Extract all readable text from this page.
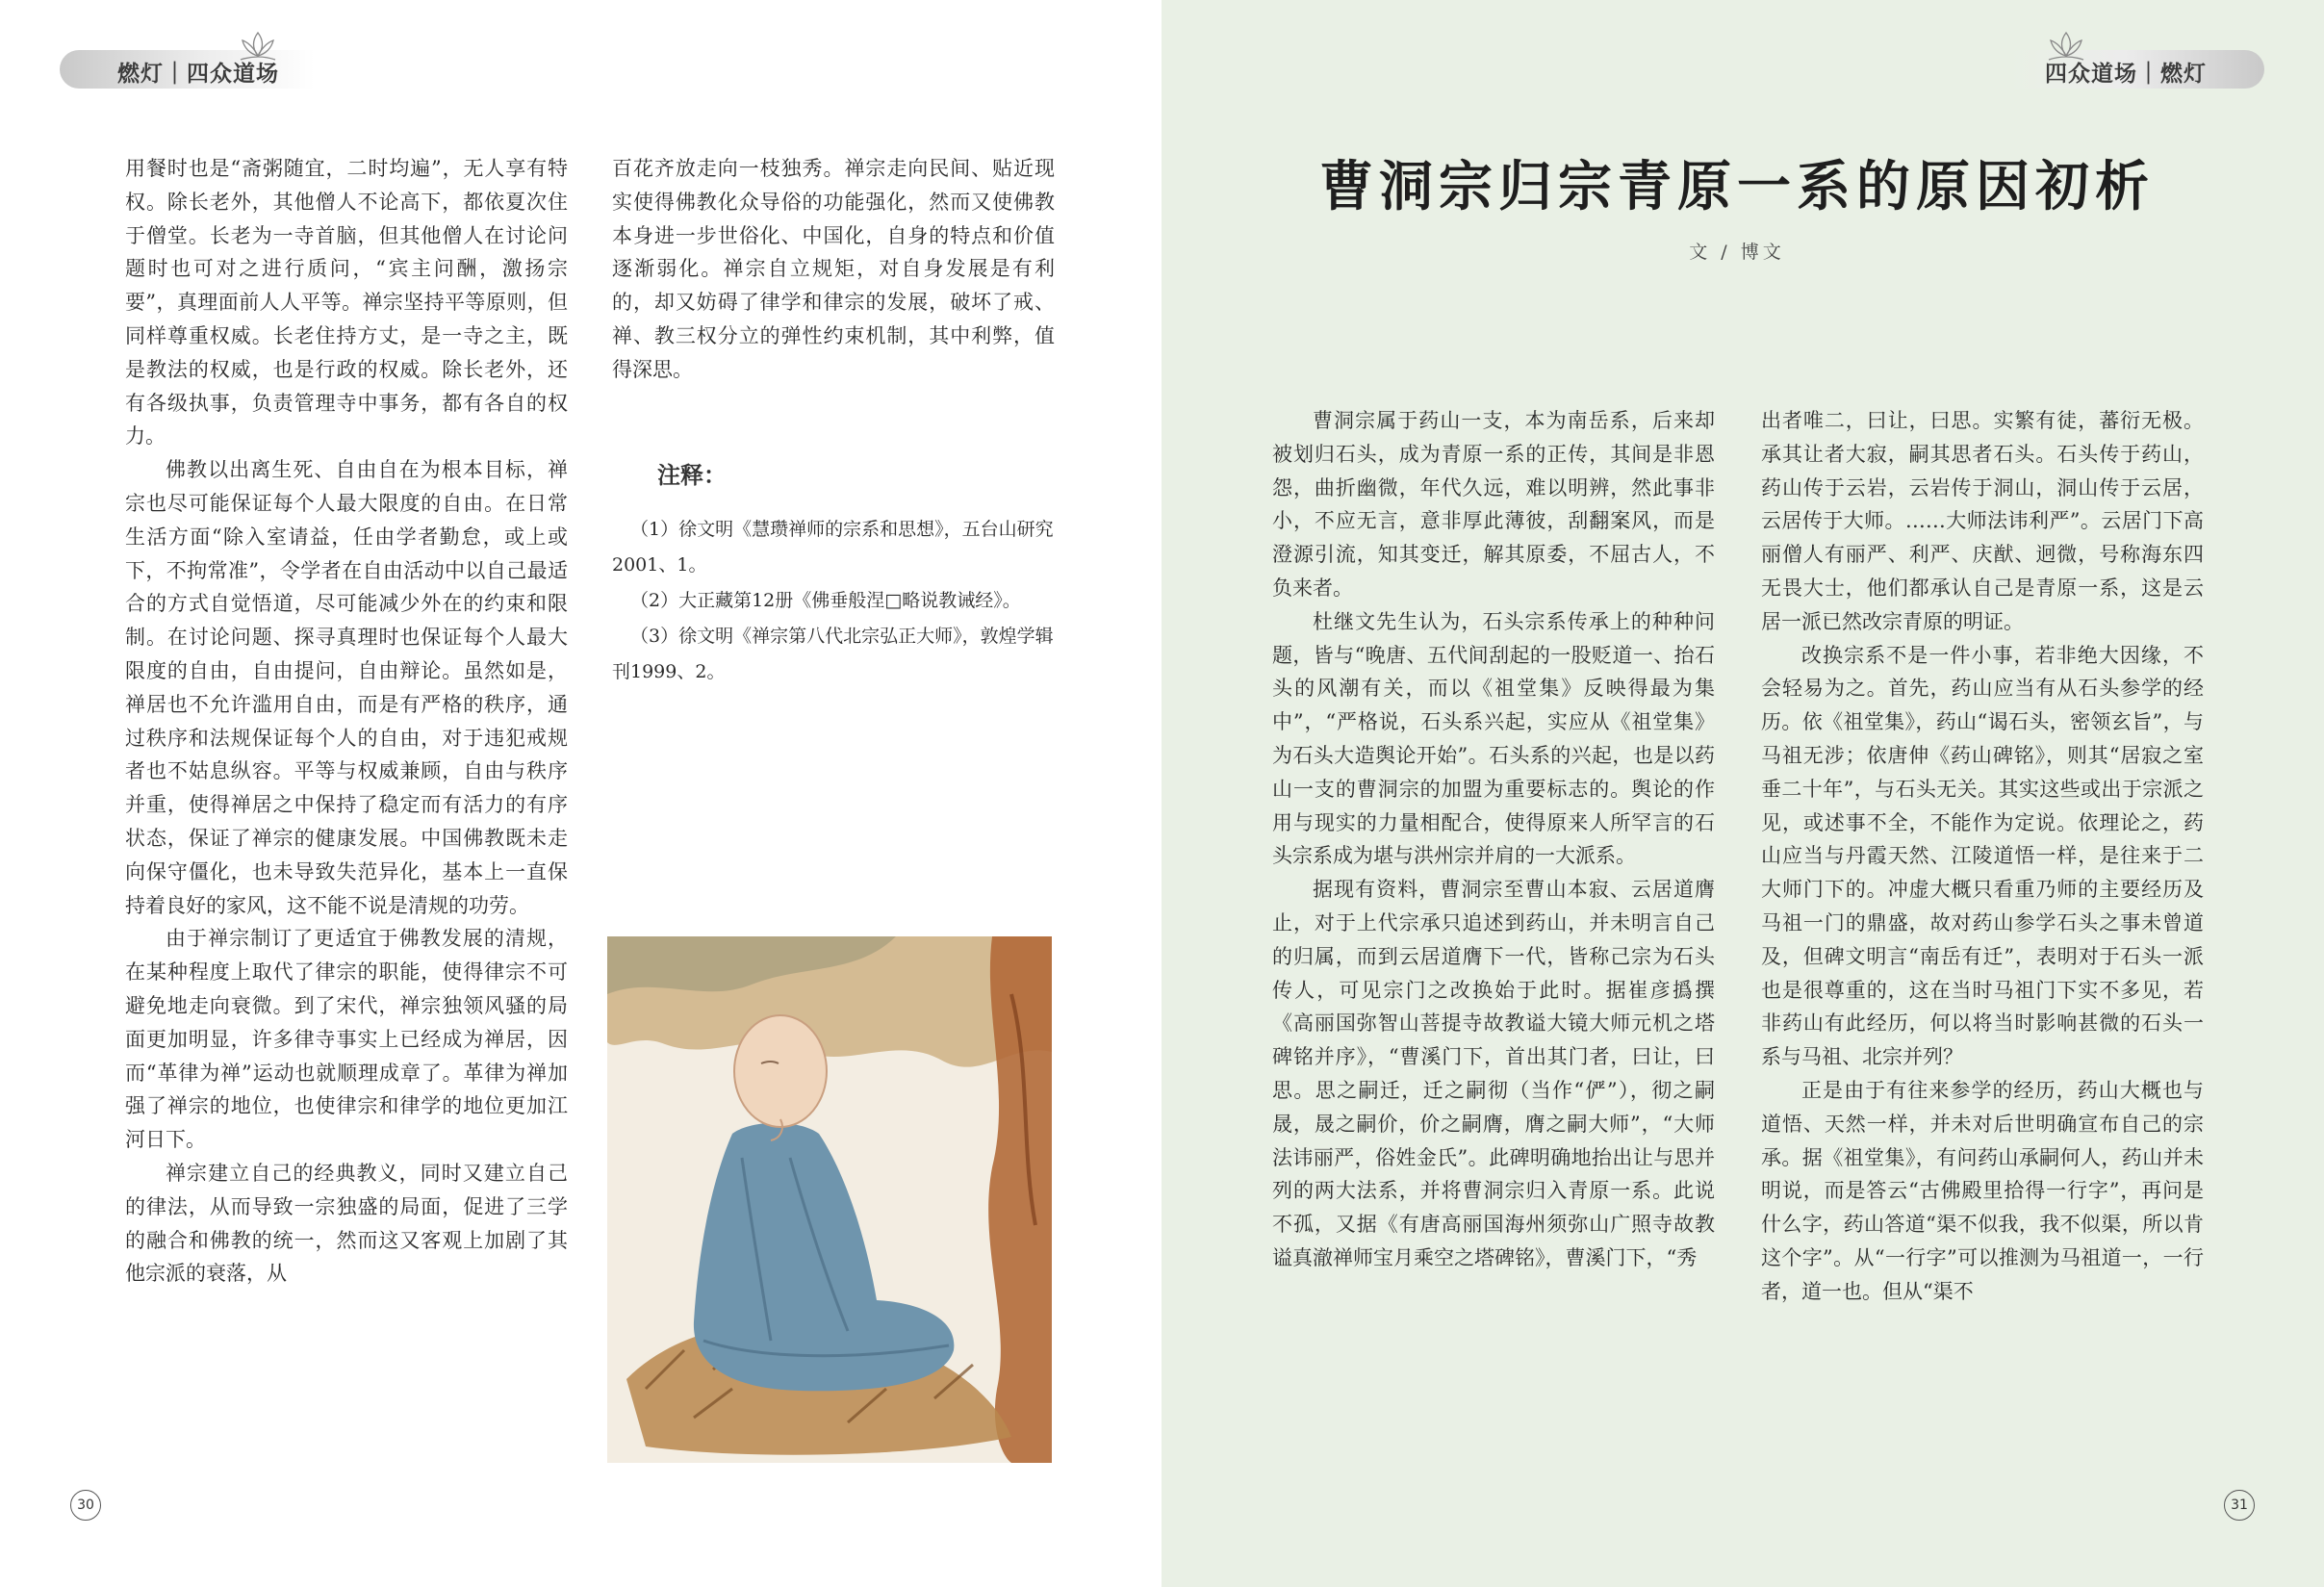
燃灯｜四众道场

用餐时也是“斋粥随宜，二时均遍”，无人享有特权。除长老外，其他僧人不论高下，都依夏次住于僧堂。长老为一寺首脑，但其他僧人在讨论问题时也可对之进行质问，“宾主问酬，激扬宗要”，真理面前人人平等。禅宗坚持平等原则，但同样尊重权威。长老住持方丈，是一寺之主，既是教法的权威，也是行政的权威。除长老外，还有各级执事，负责管理寺中事务，都有各自的权力。

佛教以出离生死、自由自在为根本目标，禅宗也尽可能保证每个人最大限度的自由。在日常生活方面“除入室请益，任由学者勤怠，或上或下，不拘常准”，令学者在自由活动中以自己最适合的方式自觉悟道，尽可能减少外在的约束和限制。在讨论问题、探寻真理时也保证每个人最大限度的自由，自由提问，自由辩论。虽然如是，禅居也不允许滥用自由，而是有严格的秩序，通过秩序和法规保证每个人的自由，对于违犯戒规者也不姑息纵容。平等与权威兼顾，自由与秩序并重，使得禅居之中保持了稳定而有活力的有序状态，保证了禅宗的健康发展。中国佛教既未走向保守僵化，也未导致失范异化，基本上一直保持着良好的家风，这不能不说是清规的功劳。

由于禅宗制订了更适宜于佛教发展的清规，在某种程度上取代了律宗的职能，使得律宗不可避免地走向衰微。到了宋代，禅宗独领风骚的局面更加明显，许多律寺事实上已经成为禅居，因而“革律为禅”运动也就顺理成章了。革律为禅加强了禅宗的地位，也使律宗和律学的地位更加江河日下。

禅宗建立自己的经典教义，同时又建立自己的律法，从而导致一宗独盛的局面，促进了三学的融合和佛教的统一，然而这又客观上加剧了其他宗派的衰落，从

百花齐放走向一枝独秀。禅宗走向民间、贴近现实使得佛教化众导俗的功能强化，然而又使佛教本身进一步世俗化、中国化，自身的特点和价值逐渐弱化。禅宗自立规矩，对自身发展是有利的，却又妨碍了律学和律宗的发展，破坏了戒、禅、教三权分立的弹性约束机制，其中利弊，值得深思。

注释：

（1）徐文明《慧瓒禅师的宗系和思想》，五台山研究2001、1。

（2）大正藏第12册《佛垂般涅□略说教诫经》。

（3）徐文明《禅宗第八代北宗弘正大师》，敦煌学辑刊1999、2。

30
四众道场｜燃灯
曹洞宗归宗青原一系的原因初析
文 / 博文

曹洞宗属于药山一支，本为南岳系，后来却被划归石头，成为青原一系的正传，其间是非恩怨，曲折幽微，年代久远，难以明辨，然此事非小，不应无言，意非厚此薄彼，刮翻案风，而是澄源引流，知其变迁，解其原委，不屈古人，不负来者。

杜继文先生认为，石头宗系传承上的种种问题，皆与“晚唐、五代间刮起的一股贬道一、抬石头的风潮有关，而以《祖堂集》反映得最为集中”，“严格说，石头系兴起，实应从《祖堂集》为石头大造舆论开始”。石头系的兴起，也是以药山一支的曹洞宗的加盟为重要标志的。舆论的作用与现实的力量相配合，使得原来人所罕言的石头宗系成为堪与洪州宗并肩的一大派系。

据现有资料，曹洞宗至曹山本寂、云居道膺止，对于上代宗承只追述到药山，并未明言自己的归属，而到云居道膺下一代，皆称己宗为石头传人，可见宗门之改换始于此时。据崔彦撝撰《高丽国弥智山菩提寺故教谥大镜大师元机之塔碑铭并序》，“曹溪门下，首出其门者，曰让，曰思。思之嗣迁，迁之嗣彻（当作“俨”），彻之嗣晟，晟之嗣价，价之嗣膺，膺之嗣大师”，“大师法讳丽严，俗姓金氏”。此碑明确地抬出让与思并列的两大法系，并将曹洞宗归入青原一系。此说不孤，又据《有唐高丽国海州须弥山广照寺故教谥真澈禅师宝月乘空之塔碑铭》，曹溪门下，“秀

出者唯二，曰让，曰思。实繁有徒，蕃衍无极。承其让者大寂，嗣其思者石头。石头传于药山，药山传于云岩，云岩传于洞山，洞山传于云居，云居传于大师。……大师法讳利严”。云居门下高丽僧人有丽严、利严、庆猷、迥微，号称海东四无畏大士，他们都承认自己是青原一系，这是云居一派已然改宗青原的明证。

改换宗系不是一件小事，若非绝大因缘，不会轻易为之。首先，药山应当有从石头参学的经历。依《祖堂集》，药山“谒石头，密领玄旨”，与马祖无涉；依唐伸《药山碑铭》，则其“居寂之室垂二十年”，与石头无关。其实这些或出于宗派之见，或述事不全，不能作为定说。依理论之，药山应当与丹霞天然、江陵道悟一样，是往来于二大师门下的。冲虚大概只看重乃师的主要经历及马祖一门的鼎盛，故对药山参学石头之事未曾道及，但碑文明言“南岳有迁”，表明对于石头一派也是很尊重的，这在当时马祖门下实不多见，若非药山有此经历，何以将当时影响甚微的石头一系与马祖、北宗并列？

正是由于有往来参学的经历，药山大概也与道悟、天然一样，并未对后世明确宣布自己的宗承。据《祖堂集》，有问药山承嗣何人，药山并未明说，而是答云“古佛殿里拾得一行字”，再问是什么字，药山答道“渠不似我，我不似渠，所以肯这个字”。从“一行字”可以推测为马祖道一，一行者，道一也。但从“渠不

31
